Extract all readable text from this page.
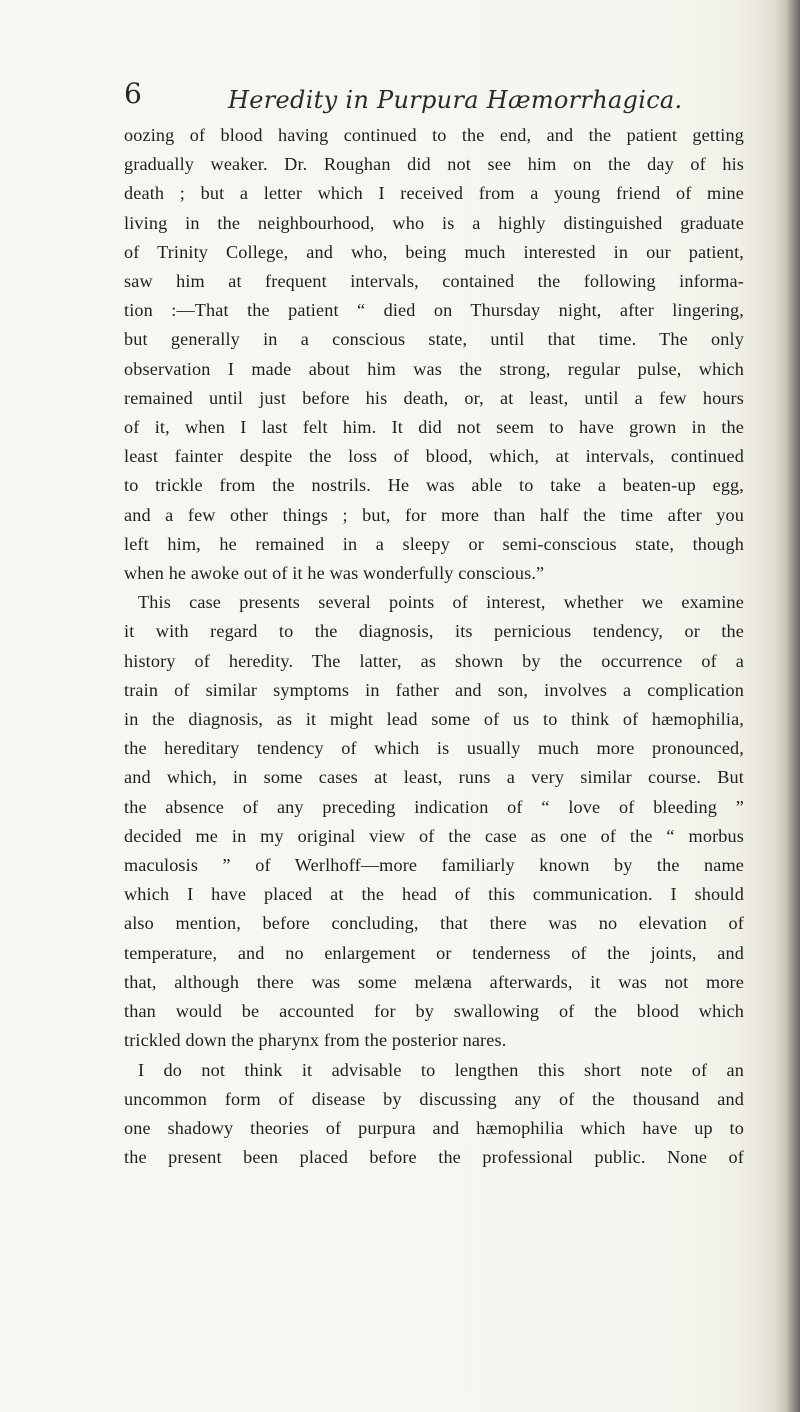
6	Heredity in Purpura Hæmorrhagica.
oozing of blood having continued to the end, and the patient getting
gradually weaker. Dr. Roughan did not see him on the day of his
death ; but a letter which I received from a young friend of mine
living in the neighbourhood, who is a highly distinguished graduate
of Trinity College, and who, being much interested in our patient,
saw him at frequent intervals, contained the following informa-
tion :—That the patient “ died on Thursday night, after lingering,
but generally in a conscious state, until that time. The only
observation I made about him was the strong, regular pulse, which
remained until just before his death, or, at least, until a few hours
of it, when I last felt him. It did not seem to have grown in the
least fainter despite the loss of blood, which, at intervals, continued
to trickle from the nostrils. He was able to take a beaten-up egg,
and a few other things ; but, for more than half the time after you
left him, he remained in a sleepy or semi-conscious state, though
when he awoke out of it he was wonderfully conscious.”
This case presents several points of interest, whether we examine
it with regard to the diagnosis, its pernicious tendency, or the
history of heredity. The latter, as shown by the occurrence of a
train of similar symptoms in father and son, involves a complication
in the diagnosis, as it might lead some of us to think of hæmophilia,
the hereditary tendency of which is usually much more pronounced,
and which, in some cases at least, runs a very similar course. But
the absence of any preceding indication of “ love of bleeding ”
decided me in my original view of the case as one of the “ morbus
maculosis ” of Werlhoff—more familiarly known by the name
which I have placed at the head of this communication. I should
also mention, before concluding, that there was no elevation of
temperature, and no enlargement or tenderness of the joints, and
that, although there was some melæna afterwards, it was not more
than would be accounted for by swallowing of the blood which
trickled down the pharynx from the posterior nares.
I do not think it advisable to lengthen this short note of an
uncommon form of disease by discussing any of the thousand and
one shadowy theories of purpura and hæmophilia which have up to
the present been placed before the professional public. None of
